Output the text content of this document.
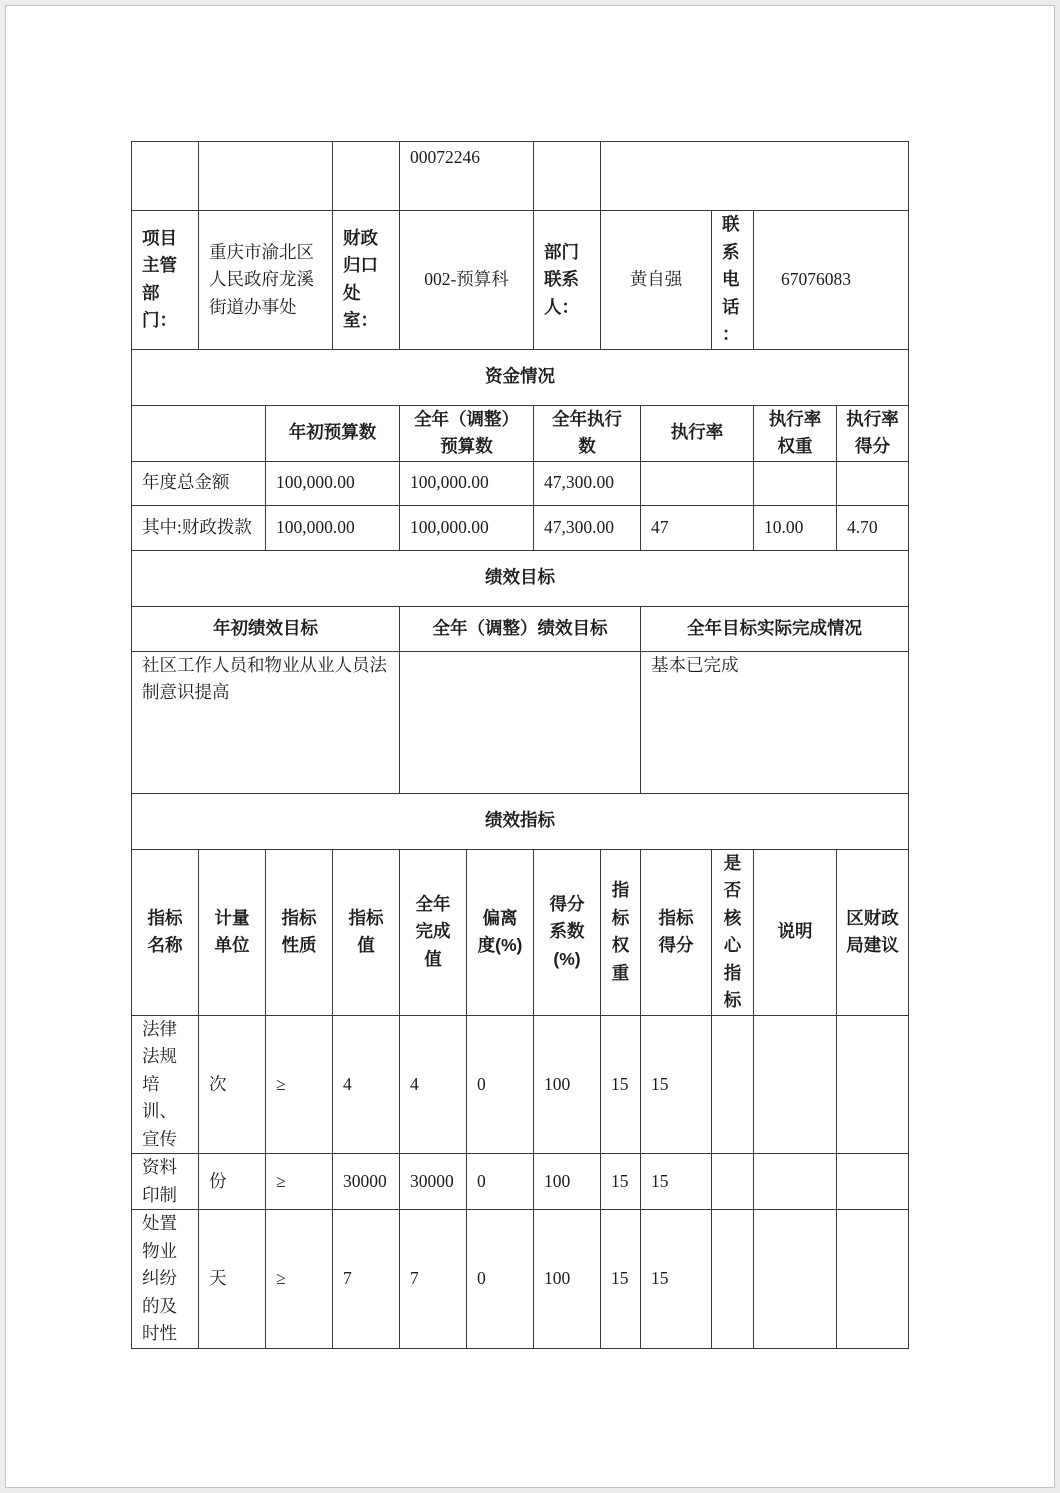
				00072246							
项目主管部门：	重庆市渝北区人民政府龙溪街道办事处		财政归口处室：	002-预算科		部门联系人：	黄自强		联系电话：	67076083	
资金情况											
		年初预算数		全年（调整）预算数		全年执行数		执行率		执行率权重	执行率得分
年度总金额		100,000.00		100,000.00		47,300.00					
其中:财政拨款		100,000.00		100,000.00		47,300.00		47		10.00	4.70
绩效目标											
年初绩效目标				全年（调整）绩效目标				全年目标实际完成情况			
社区工作人员和物业从业人员法制意识提高								基本已完成			
绩效指标											
指标名称	计量单位	指标性质	指标值	全年完成值	偏离度(%)	得分系数(%)	指标权重	指标得分	是否核心指标	说明	区财政局建议
法律法规培训、宣传	次	≥	4	4	0	100	15	15			
资料印制	份	≥	30000	30000	0	100	15	15			
处置物业纠纷的及时性	天	≥	7	7	0	100	15	15			
